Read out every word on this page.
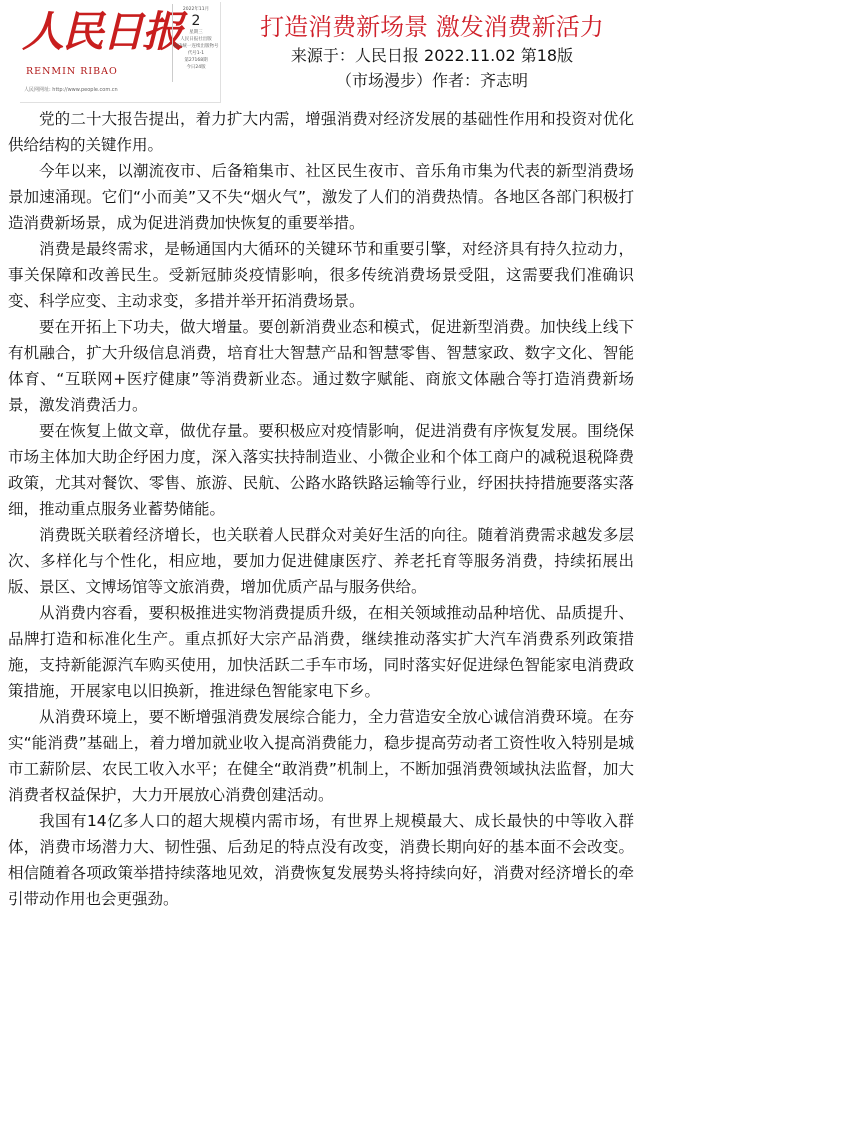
人民日报
RENMIN RIBAO
人民网网址: http://www.people.com.cn
2022年11月
2
星期三
人民日报社出版
国内统一连续出版物号
代号1-1
第27168期
今日24版
打造消费新场景 激发消费新活力
来源于：人民日报 2022.11.02 第18版
（市场漫步）作者：齐志明

党的二十大报告提出，着力扩大内需，增强消费对经济发展的基础性作用和投资对优化供给结构的关键作用。

今年以来，以潮流夜市、后备箱集市、社区民生夜市、音乐角市集为代表的新型消费场景加速涌现。它们“小而美”又不失“烟火气”，激发了人们的消费热情。各地区各部门积极打造消费新场景，成为促进消费加快恢复的重要举措。

消费是最终需求，是畅通国内大循环的关键环节和重要引擎，对经济具有持久拉动力，事关保障和改善民生。受新冠肺炎疫情影响，很多传统消费场景受阻，这需要我们准确识变、科学应变、主动求变，多措并举开拓消费场景。

要在开拓上下功夫，做大增量。要创新消费业态和模式，促进新型消费。加快线上线下有机融合，扩大升级信息消费，培育壮大智慧产品和智慧零售、智慧家政、数字文化、智能体育、“互联网+医疗健康”等消费新业态。通过数字赋能、商旅文体融合等打造消费新场景，激发消费活力。

要在恢复上做文章，做优存量。要积极应对疫情影响，促进消费有序恢复发展。围绕保市场主体加大助企纾困力度，深入落实扶持制造业、小微企业和个体工商户的减税退税降费政策，尤其对餐饮、零售、旅游、民航、公路水路铁路运输等行业，纾困扶持措施要落实落细，推动重点服务业蓄势储能。

消费既关联着经济增长，也关联着人民群众对美好生活的向往。随着消费需求越发多层次、多样化与个性化，相应地，要加力促进健康医疗、养老托育等服务消费，持续拓展出版、景区、文博场馆等文旅消费，增加优质产品与服务供给。

从消费内容看，要积极推进实物消费提质升级，在相关领域推动品种培优、品质提升、品牌打造和标准化生产。重点抓好大宗产品消费，继续推动落实扩大汽车消费系列政策措施，支持新能源汽车购买使用，加快活跃二手车市场，同时落实好促进绿色智能家电消费政策措施，开展家电以旧换新，推进绿色智能家电下乡。

从消费环境上，要不断增强消费发展综合能力，全力营造安全放心诚信消费环境。在夯实“能消费”基础上，着力增加就业收入提高消费能力，稳步提高劳动者工资性收入特别是城市工薪阶层、农民工收入水平；在健全“敢消费”机制上，不断加强消费领域执法监督，加大消费者权益保护，大力开展放心消费创建活动。

我国有14亿多人口的超大规模内需市场，有世界上规模最大、成长最快的中等收入群体，消费市场潜力大、韧性强、后劲足的特点没有改变，消费长期向好的基本面不会改变。相信随着各项政策举措持续落地见效，消费恢复发展势头将持续向好，消费对经济增长的牵引带动作用也会更强劲。
